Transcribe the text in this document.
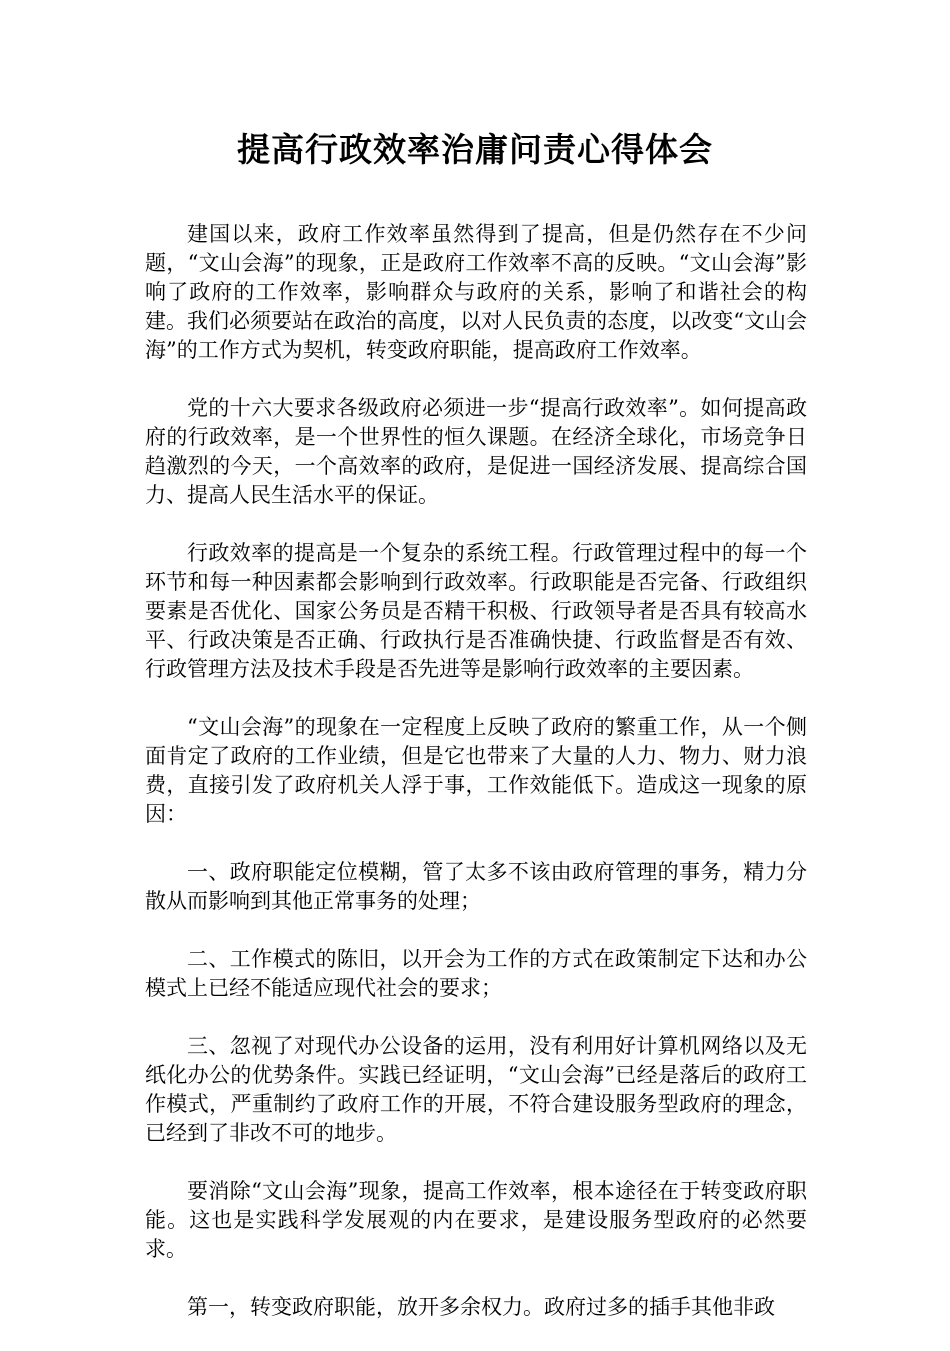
提高行政效率治庸问责心得体会

建国以来，政府工作效率虽然得到了提高，但是仍然存在不少问题，“文山会海”的现象，正是政府工作效率不高的反映。“文山会海”影响了政府的工作效率，影响群众与政府的关系，影响了和谐社会的构建。我们必须要站在政治的高度，以对人民负责的态度，以改变“文山会海”的工作方式为契机，转变政府职能，提高政府工作效率。

党的十六大要求各级政府必须进一步“提高行政效率”。如何提高政府的行政效率，是一个世界性的恒久课题。在经济全球化，市场竞争日趋激烈的今天，一个高效率的政府，是促进一国经济发展、提高综合国力、提高人民生活水平的保证。

行政效率的提高是一个复杂的系统工程。行政管理过程中的每一个环节和每一种因素都会影响到行政效率。行政职能是否完备、行政组织要素是否优化、国家公务员是否精干积极、行政领导者是否具有较高水平、行政决策是否正确、行政执行是否准确快捷、行政监督是否有效、行政管理方法及技术手段是否先进等是影响行政效率的主要因素。

“文山会海”的现象在一定程度上反映了政府的繁重工作，从一个侧面肯定了政府的工作业绩，但是它也带来了大量的人力、物力、财力浪费，直接引发了政府机关人浮于事，工作效能低下。造成这一现象的原因：

一、政府职能定位模糊，管了太多不该由政府管理的事务，精力分散从而影响到其他正常事务的处理；

二、工作模式的陈旧，以开会为工作的方式在政策制定下达和办公模式上已经不能适应现代社会的要求；

三、忽视了对现代办公设备的运用，没有利用好计算机网络以及无纸化办公的优势条件。实践已经证明，“文山会海”已经是落后的政府工作模式，严重制约了政府工作的开展，不符合建设服务型政府的理念，已经到了非改不可的地步。

要消除“文山会海”现象，提高工作效率，根本途径在于转变政府职能。这也是实践科学发展观的内在要求，是建设服务型政府的必然要求。

第一，转变政府职能，放开多余权力。政府过多的插手其他非政
